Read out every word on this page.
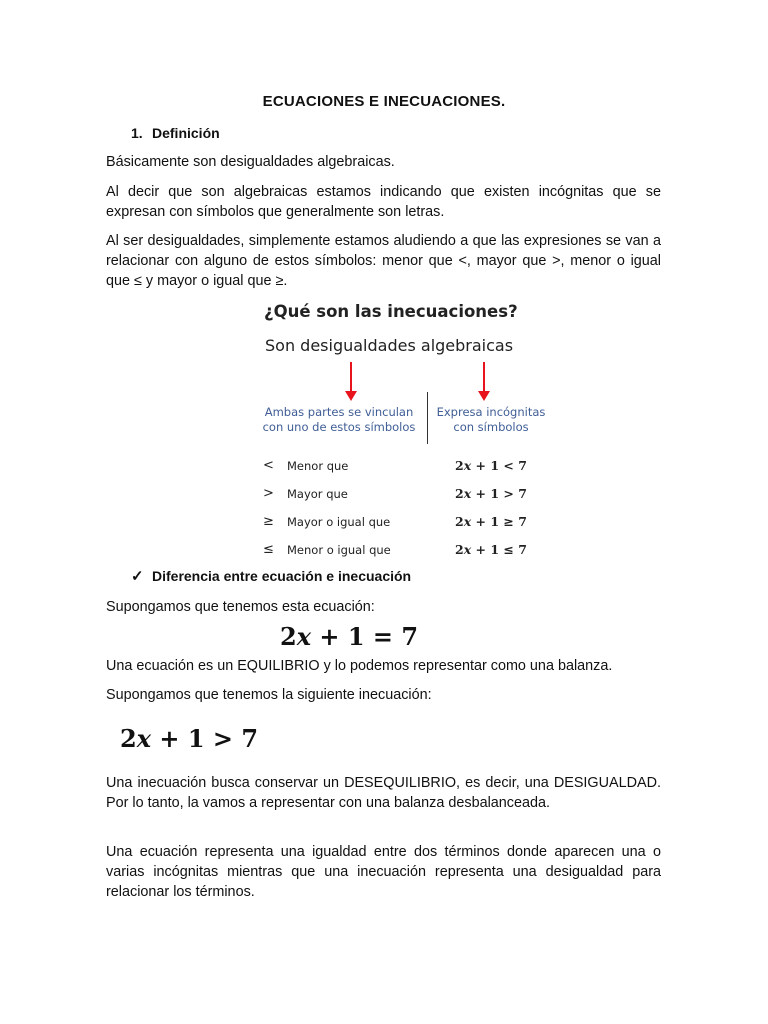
ECUACIONES E INECUACIONES.
1. Definición

Básicamente son desigualdades algebraicas.

Al decir que son algebraicas estamos indicando que existen incógnitas que se expresan con símbolos que generalmente son letras.

Al ser desigualdades, simplemente estamos aludiendo a que las expresiones se van a relacionar con alguno de estos símbolos: menor que <, mayor que >, menor o igual que ≤ y mayor o igual que ≥.

¿Qué son las inecuaciones?
Son desigualdades algebraicas
Ambas partes se vinculan con uno de estos símbolos
Expresa incógnitas con símbolos
< Menor que	2x + 1 < 7
> Mayor que	2x + 1 > 7
≥ Mayor o igual que	2x + 1 ≥ 7
≤ Menor o igual que	2x + 1 ≤ 7
✓ Diferencia entre ecuación e inecuación

Supongamos que tenemos esta ecuación:

2x + 1 = 7

Una ecuación es un EQUILIBRIO y lo podemos representar como una balanza.

Supongamos que tenemos la siguiente inecuación:

2x + 1 > 7

Una inecuación busca conservar un DESEQUILIBRIO, es decir, una DESIGUALDAD. Por lo tanto, la vamos a representar con una balanza desbalanceada.

Una ecuación representa una igualdad entre dos términos donde aparecen una o varias incógnitas mientras que una inecuación representa una desigualdad para relacionar los términos.
